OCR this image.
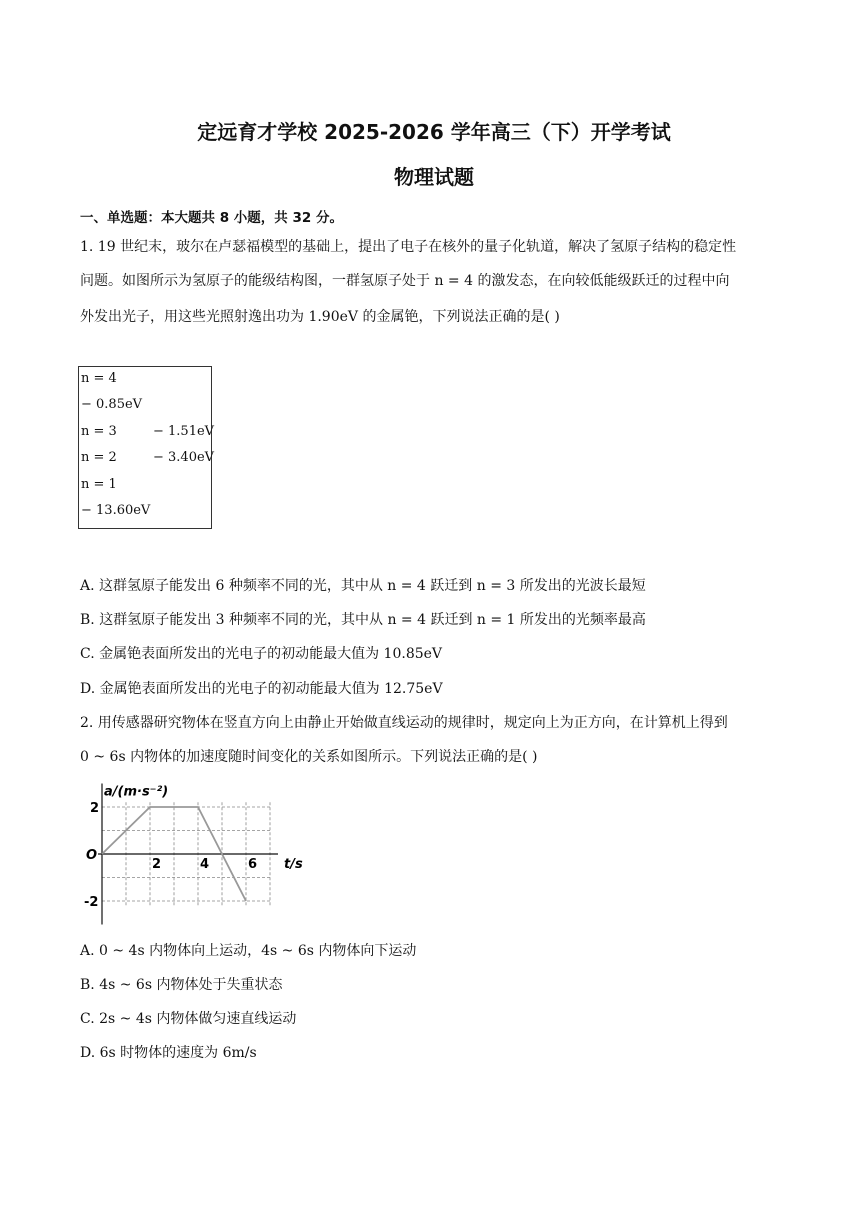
定远育才学校 2025-2026 学年高三（下）开学考试
物理试题
一、单选题：本大题共 8 小题，共 32 分。
1. 19 世纪末，玻尔在卢瑟福模型的基础上，提出了电子在核外的量子化轨道，解决了氢原子结构的稳定性
问题。如图所示为氢原子的能级结构图，一群氢原子处于 n = 4 的激发态，在向较低能级跃迁的过程中向
外发出光子，用这些光照射逸出功为 1.90eV 的金属铯，下列说法正确的是( )
n = 4
− 0.85eV
n = 3	− 1.51eV
n = 2	− 3.40eV
n = 1
− 13.60eV
A. 这群氢原子能发出 6 种频率不同的光，其中从 n = 4 跃迁到 n = 3 所发出的光波长最短
B. 这群氢原子能发出 3 种频率不同的光，其中从 n = 4 跃迁到 n = 1 所发出的光频率最高
C. 金属铯表面所发出的光电子的初动能最大值为 10.85eV
D. 金属铯表面所发出的光电子的初动能最大值为 12.75eV
2. 用传感器研究物体在竖直方向上由静止开始做直线运动的规律时，规定向上为正方向，在计算机上得到
0 ~ 6s 内物体的加速度随时间变化的关系如图所示。下列说法正确的是( )
a/(m·s⁻²)
t/s
O
2	4	6
2
-2
A. 0 ~ 4s 内物体向上运动，4s ~ 6s 内物体向下运动
B. 4s ~ 6s 内物体处于失重状态
C. 2s ~ 4s 内物体做匀速直线运动
D. 6s 时物体的速度为 6m/s
